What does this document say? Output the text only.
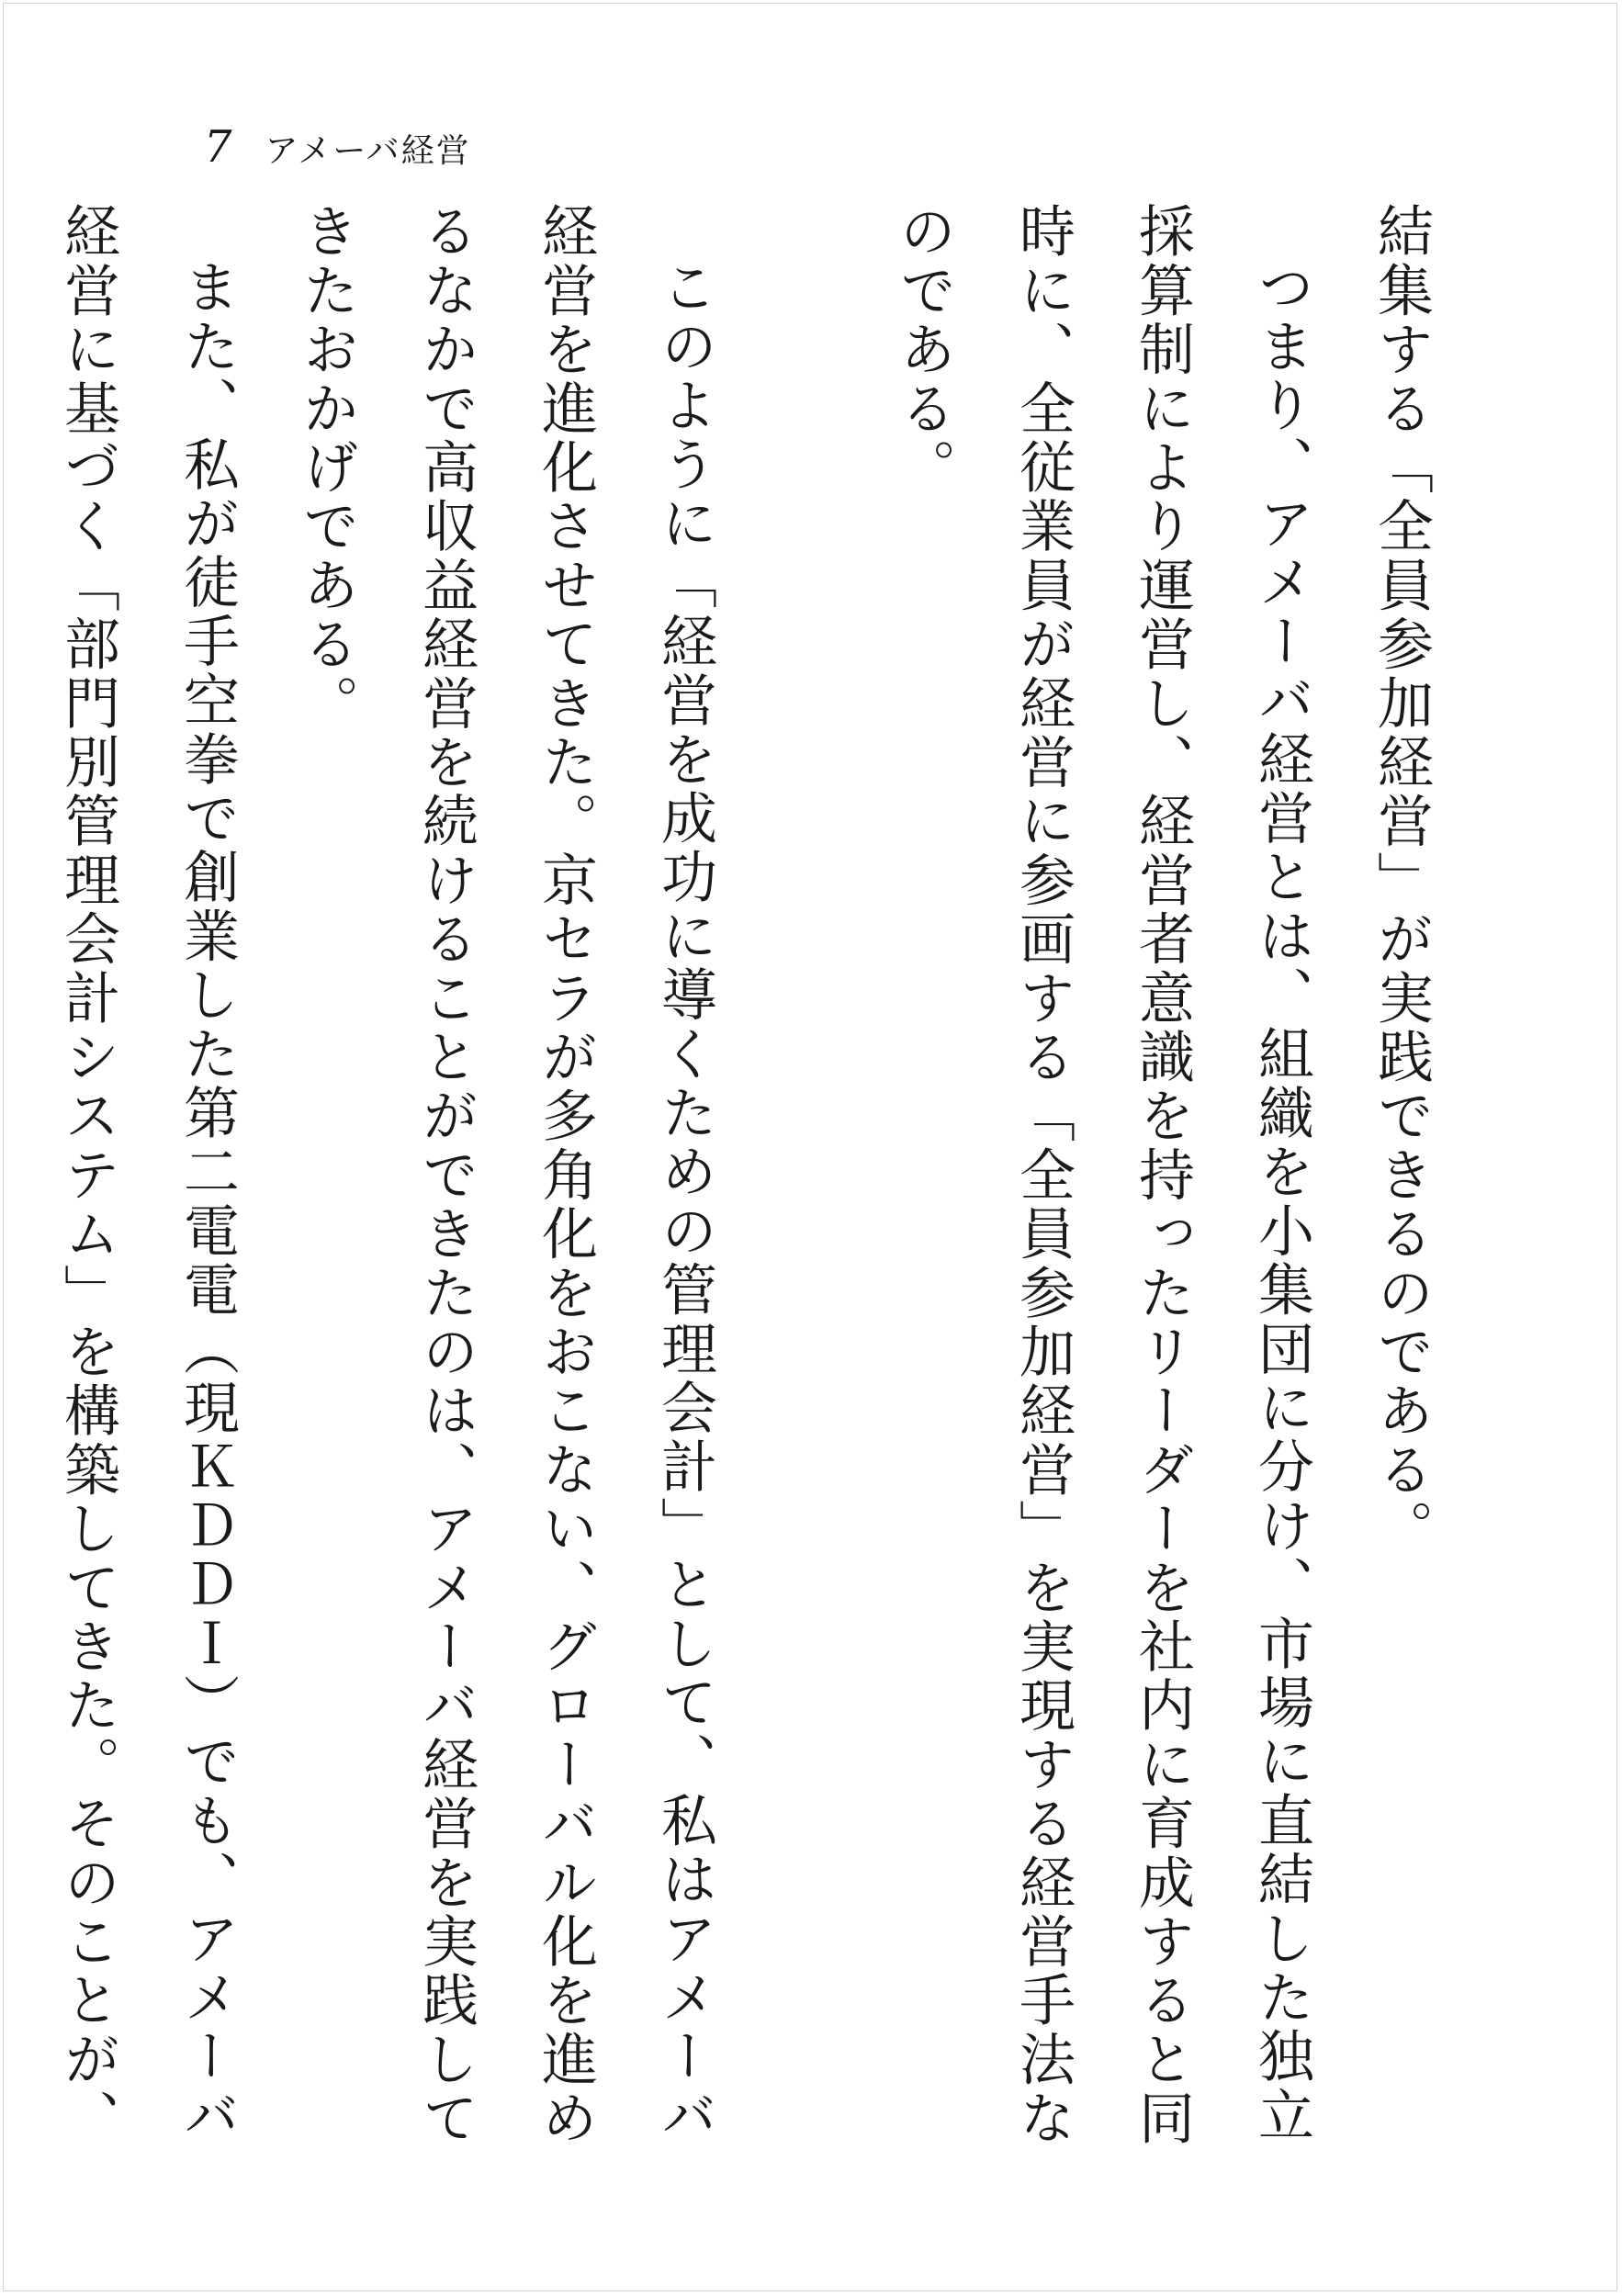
7 アメーバ経営

結集する「全員参加経営」が実践できるのである。

つまり、アメーバ経営とは、組織を小集団に分け、市場に直結した独立採算制により運営し、経営者意識を持ったリーダーを社内に育成すると同時に、全従業員が経営に参画する「全員参加経営」を実現する経営手法なのである。

このように「経営を成功に導くための管理会計」として、私はアメーバ経営を進化させてきた。京セラが多角化をおこない、グローバル化を進めるなかで高収益経営を続けることができたのは、アメーバ経営を実践してきたおかげである。

また、私が徒手空拳で創業した第二電電（現ＫＤＤＩ）でも、アメーバ経営に基づく「部門別管理会計システム」を構築してきた。そのことが、
